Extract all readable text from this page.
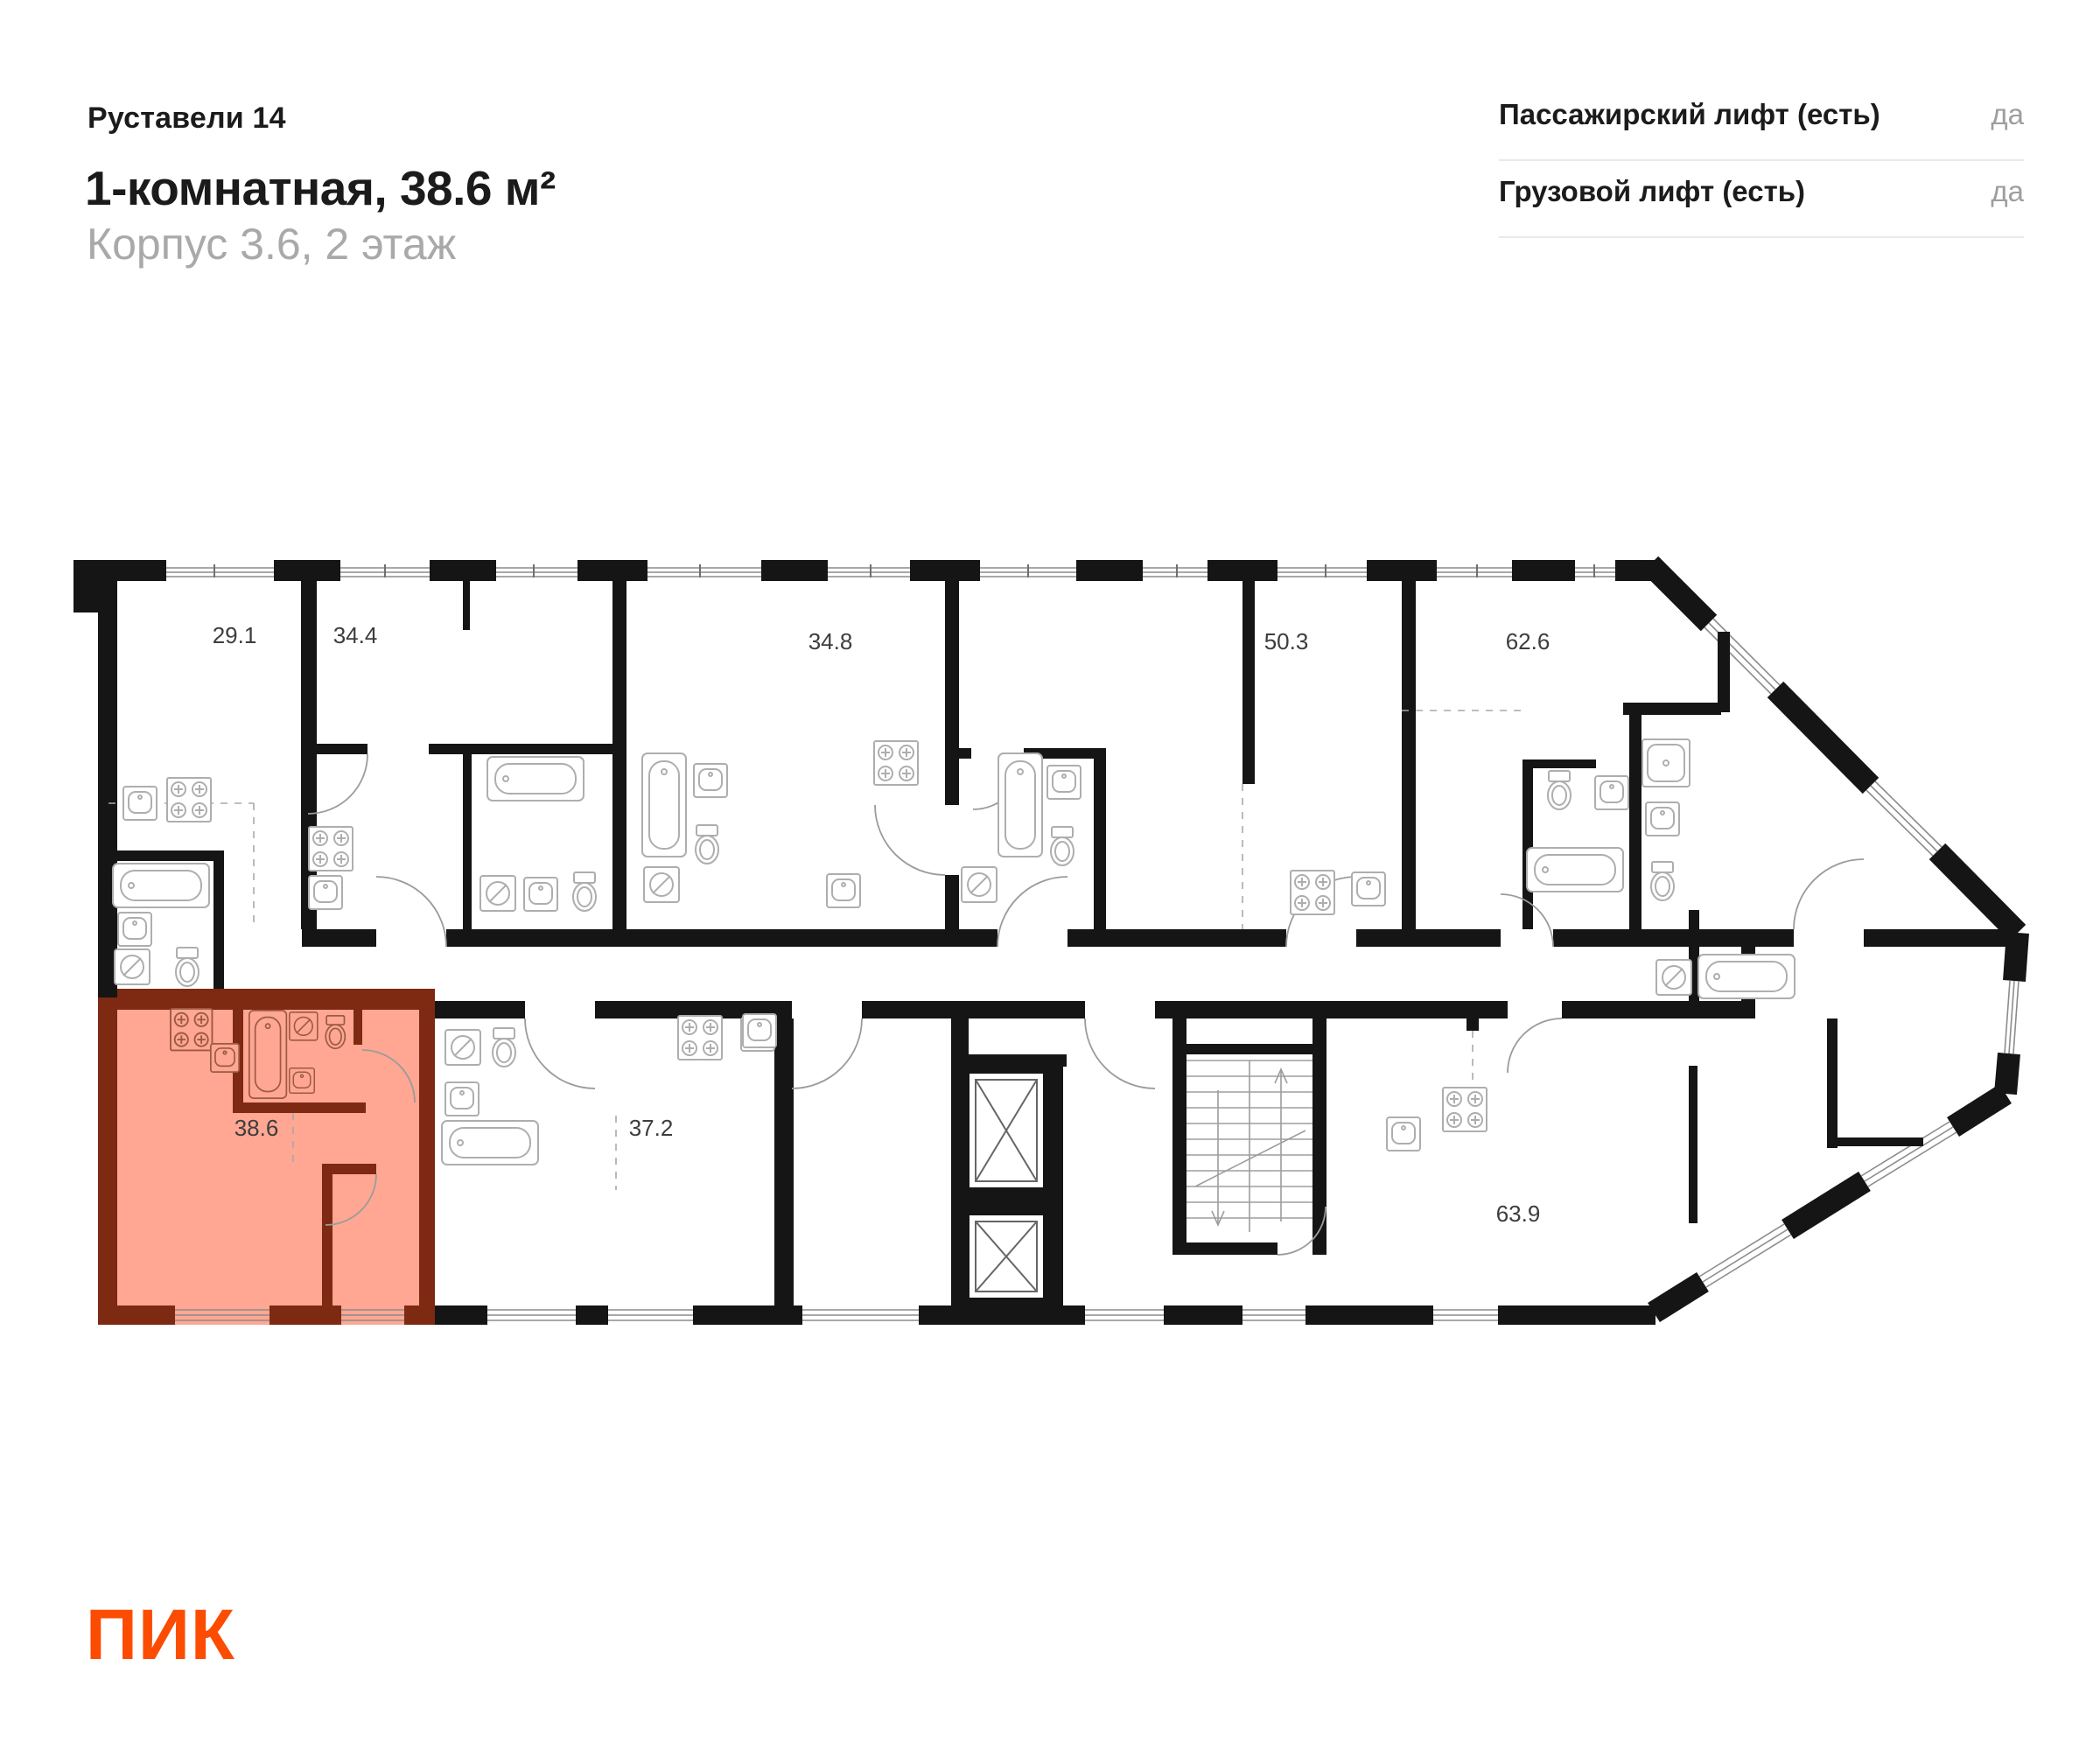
Руставели 14
1-комнатная, 38.6 м²
Корпус 3.6, 2 этаж
Пассажирский лифт (есть)	да
Грузовой лифт (есть)	да
29.1	34.4	34.8	50.3	62.6
38.6	37.2
63.9
ПИК
